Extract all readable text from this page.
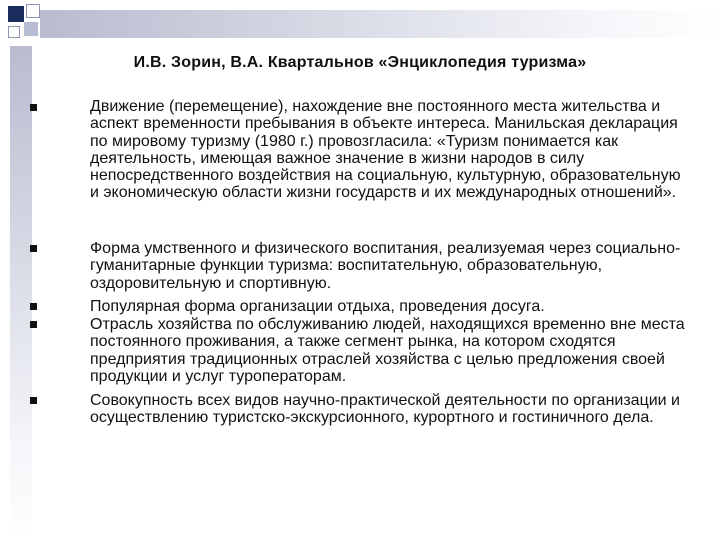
И.В. Зорин, В.А. Квартальнов «Энциклопедия туризма»
Движение (перемещение), нахождение вне постоянного места жительства и аспект временности пребывания в объекте интереса. Манильская декларация по мировому туризму (1980 г.) провозгласила: «Туризм понимается как деятельность, имеющая важное значение в жизни народов в силу непосредственного воздействия на социальную, культурную, образовательную и экономическую области жизни государств и их международных отношений».
Форма умственного и физического воспитания, реализуемая через социально-гуманитарные функции туризма: воспитательную, образовательную, оздоровительную и спортивную.
Популярная форма организации отдыха, проведения досуга.
Отрасль хозяйства по обслуживанию людей, находящихся временно вне места постоянного проживания, а также сегмент рынка, на котором сходятся предприятия традиционных отраслей хозяйства с целью предложения своей продукции и услуг туроператорам.
Совокупность всех видов научно-практической деятельности по организации и осуществлению туристско-экскурсионного, курортного и гостиничного дела.
